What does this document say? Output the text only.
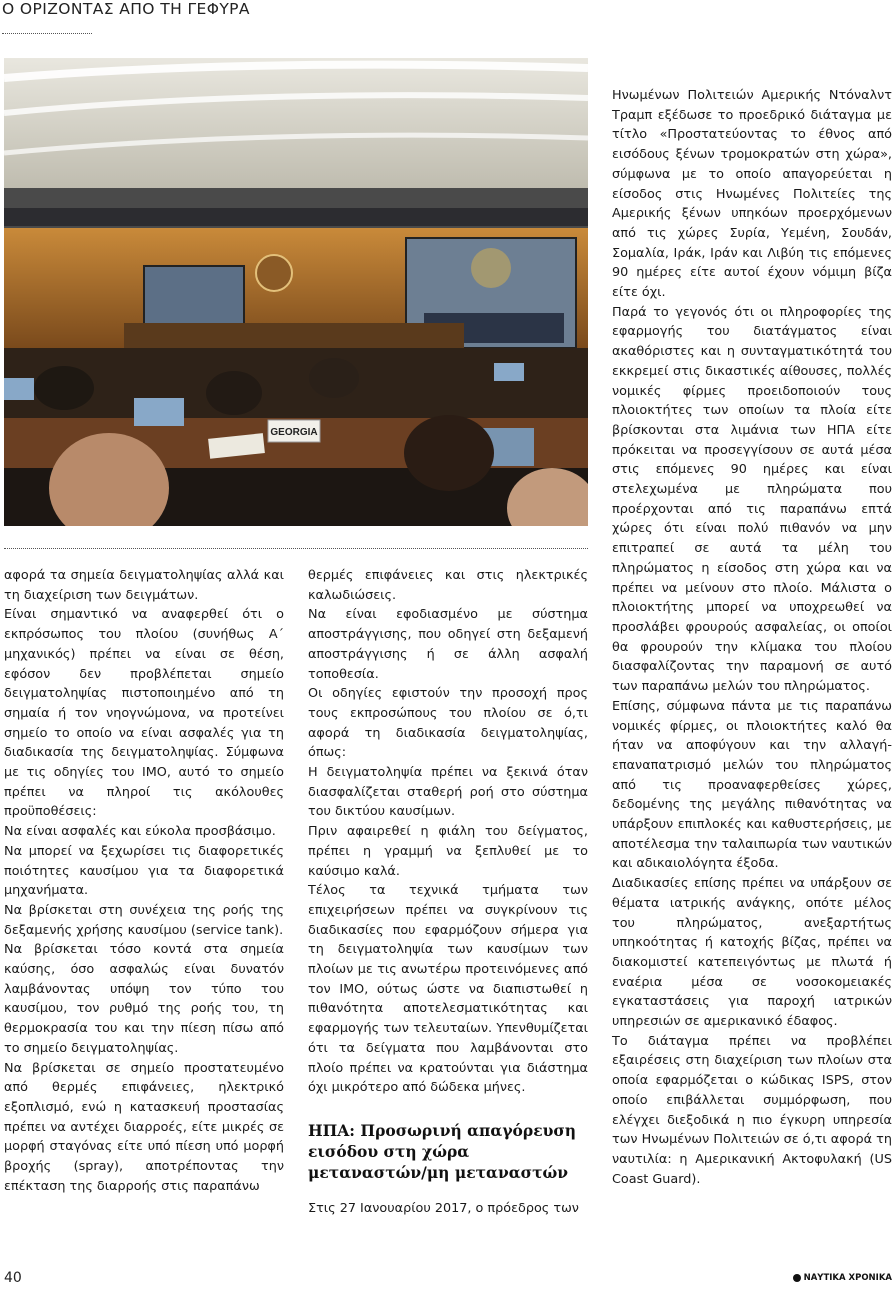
Ο ΟΡΙΖΟΝΤΑΣ ΑΠΟ ΤΗ ΓΕΦΥΡΑ
GEORGIA

αφορά τα σημεία δειγματοληψίας αλλά και τη διαχείριση των δειγμάτων.

Είναι σημαντικό να αναφερθεί ότι ο εκπρόσωπος του πλοίου (συνήθως Α΄ μηχανικός) πρέπει να είναι σε θέση, εφόσον δεν προβλέπεται σημείο δειγματοληψίας πιστοποιημένο από τη σημαία ή τον νηογνώμονα, να προτείνει σημείο το οποίο να είναι ασφαλές για τη διαδικασία της δειγματοληψίας. Σύμφωνα με τις οδηγίες του IMO, αυτό το σημείο πρέπει να πληροί τις ακόλουθες προϋποθέσεις:

Να είναι ασφαλές και εύκολα προσβάσιμο.

Να μπορεί να ξεχωρίσει τις διαφορετικές ποιότητες καυσίμου για τα διαφορετικά μηχανήματα.

Να βρίσκεται στη συνέχεια της ροής της δεξαμενής χρήσης καυσίμου (service tank).

Να βρίσκεται τόσο κοντά στα σημεία καύσης, όσο ασφαλώς είναι δυνατόν λαμβάνοντας υπόψη τον τύπο του καυσίμου, τον ρυθμό της ροής του, τη θερμοκρασία του και την πίεση πίσω από το σημείο δειγματοληψίας.

Να βρίσκεται σε σημείο προστατευμένο από θερμές επιφάνειες, ηλεκτρικό εξοπλισμό, ενώ η κατασκευή προστασίας πρέπει να αντέχει διαρροές, είτε μικρές σε μορφή σταγόνας είτε υπό πίεση υπό μορφή βροχής (spray), αποτρέποντας την επέκταση της διαρροής στις παραπάνω

θερμές επιφάνειες και στις ηλεκτρικές καλωδιώσεις.

Να είναι εφοδιασμένο με σύστημα αποστράγγισης, που οδηγεί στη δεξαμενή αποστράγγισης ή σε άλλη ασφαλή τοποθεσία.

Οι οδηγίες εφιστούν την προσοχή προς τους εκπροσώπους του πλοίου σε ό,τι αφορά τη διαδικασία δειγματοληψίας, όπως:

Η δειγματοληψία πρέπει να ξεκινά όταν διασφαλίζεται σταθερή ροή στο σύστημα του δικτύου καυσίμων.

Πριν αφαιρεθεί η φιάλη του δείγματος, πρέπει η γραμμή να ξεπλυθεί με το καύσιμο καλά.

Τέλος τα τεχνικά τμήματα των επιχειρήσεων πρέπει να συγκρίνουν τις διαδικασίες που εφαρμόζουν σήμερα για τη δειγματοληψία των καυσίμων των πλοίων με τις ανωτέρω προτεινόμενες από τον IMO, ούτως ώστε να διαπιστωθεί η πιθανότητα αποτελεσματικότητας και εφαρμογής των τελευταίων. Υπενθυμίζεται ότι τα δείγματα που λαμβάνονται στο πλοίο πρέπει να κρατούνται για διάστημα όχι μικρότερο από δώδεκα μήνες.

ΗΠΑ: Προσωρινή απαγόρευση εισόδου στη χώρα μεταναστών/μη μεταναστών

Στις 27 Ιανουαρίου 2017, ο πρόεδρος των

Ηνωμένων Πολιτειών Αμερικής Ντόναλντ Τραμπ εξέδωσε το προεδρικό διάταγμα με τίτλο «Προστατεύοντας το έθνος από εισόδους ξένων τρομοκρατών στη χώρα», σύμφωνα με το οποίο απαγορεύεται η είσοδος στις Ηνωμένες Πολιτείες της Αμερικής ξένων υπηκόων προερχόμενων από τις χώρες Συρία, Υεμένη, Σουδάν, Σομαλία, Ιράκ, Ιράν και Λιβύη τις επόμενες 90 ημέρες είτε αυτοί έχουν νόμιμη βίζα είτε όχι.

Παρά το γεγονός ότι οι πληροφορίες της εφαρμογής του διατάγματος είναι ακαθόριστες και η συνταγματικότητά του εκκρεμεί στις δικαστικές αίθουσες, πολλές νομικές φίρμες προειδοποιούν τους πλοιοκτήτες των οποίων τα πλοία είτε βρίσκονται στα λιμάνια των ΗΠΑ είτε πρόκειται να προσεγγίσουν σε αυτά μέσα στις επόμενες 90 ημέρες και είναι στελεχωμένα με πληρώματα που προέρχονται από τις παραπάνω επτά χώρες ότι είναι πολύ πιθανόν να μην επιτραπεί σε αυτά τα μέλη του πληρώματος η είσοδος στη χώρα και να πρέπει να μείνουν στο πλοίο. Μάλιστα ο πλοιοκτήτης μπορεί να υποχρεωθεί να προσλάβει φρουρούς ασφαλείας, οι οποίοι θα φρουρούν την κλίμακα του πλοίου διασφαλίζοντας την παραμονή σε αυτό των παραπάνω μελών του πληρώματος.

Επίσης, σύμφωνα πάντα με τις παραπάνω νομικές φίρμες, οι πλοιοκτήτες καλό θα ήταν να αποφύγουν και την αλλαγή-επαναπατρισμό μελών του πληρώματος από τις προαναφερθείσες χώρες, δεδομένης της μεγάλης πιθανότητας να υπάρξουν επιπλοκές και καθυστερήσεις, με αποτέλεσμα την ταλαιπωρία των ναυτικών και αδικαιολόγητα έξοδα.

Διαδικασίες επίσης πρέπει να υπάρξουν σε θέματα ιατρικής ανάγκης, οπότε μέλος του πληρώματος, ανεξαρτήτως υπηκοότητας ή κατοχής βίζας, πρέπει να διακομιστεί κατεπειγόντως με πλωτά ή εναέρια μέσα σε νοσοκομειακές εγκαταστάσεις για παροχή ιατρικών υπηρεσιών σε αμερικανικό έδαφος.

Το διάταγμα πρέπει να προβλέπει εξαιρέσεις στη διαχείριση των πλοίων στα οποία εφαρμόζεται ο κώδικας ISPS, στον οποίο επιβάλλεται συμμόρφωση, που ελέγχει διεξοδικά η πιο έγκυρη υπηρεσία των Ηνωμένων Πολιτειών σε ό,τι αφορά τη ναυτιλία: η Αμερικανική Ακτοφυλακή (US Coast Guard).

40	ΝΑΥΤΙΚΑ ΧΡΟΝΙΚΑ
